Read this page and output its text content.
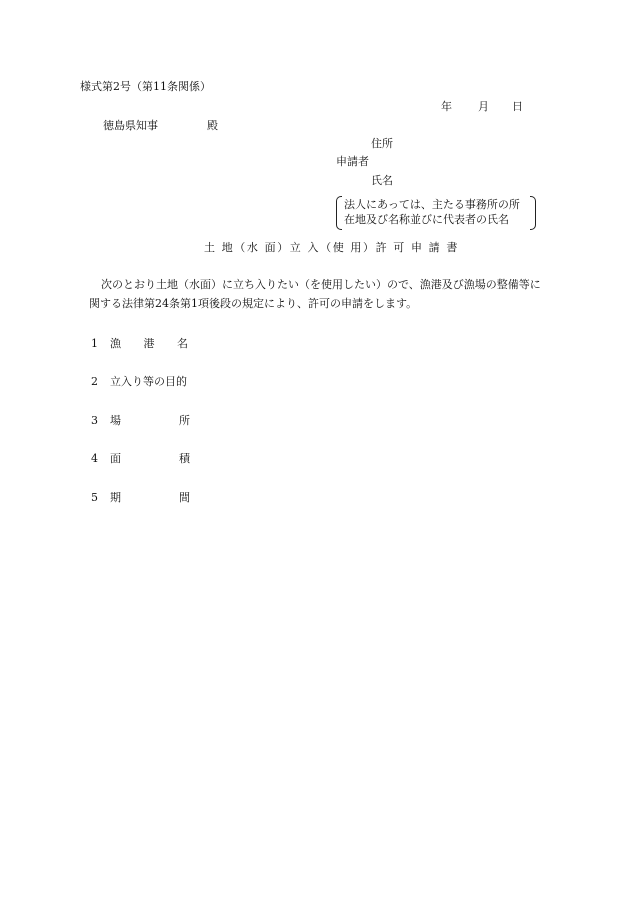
様式第2号（第11条関係）
年 月 日
徳島県知事	殿
住所
申請者
氏名
法人にあっては、主たる事務所の所
在地及び名称並びに代表者の氏名
土 地（水 面）立 入（使 用）許 可 申 請 書
次のとおり土地（水面）に立ち入りたい（を使用したい）ので、漁港及び漁場の整備等に
関する法律第24条第1項後段の規定により、許可の申請をします。
1 漁 港 名
2 立入り等の目的
3 場	所
4 面	積
5 期	間
